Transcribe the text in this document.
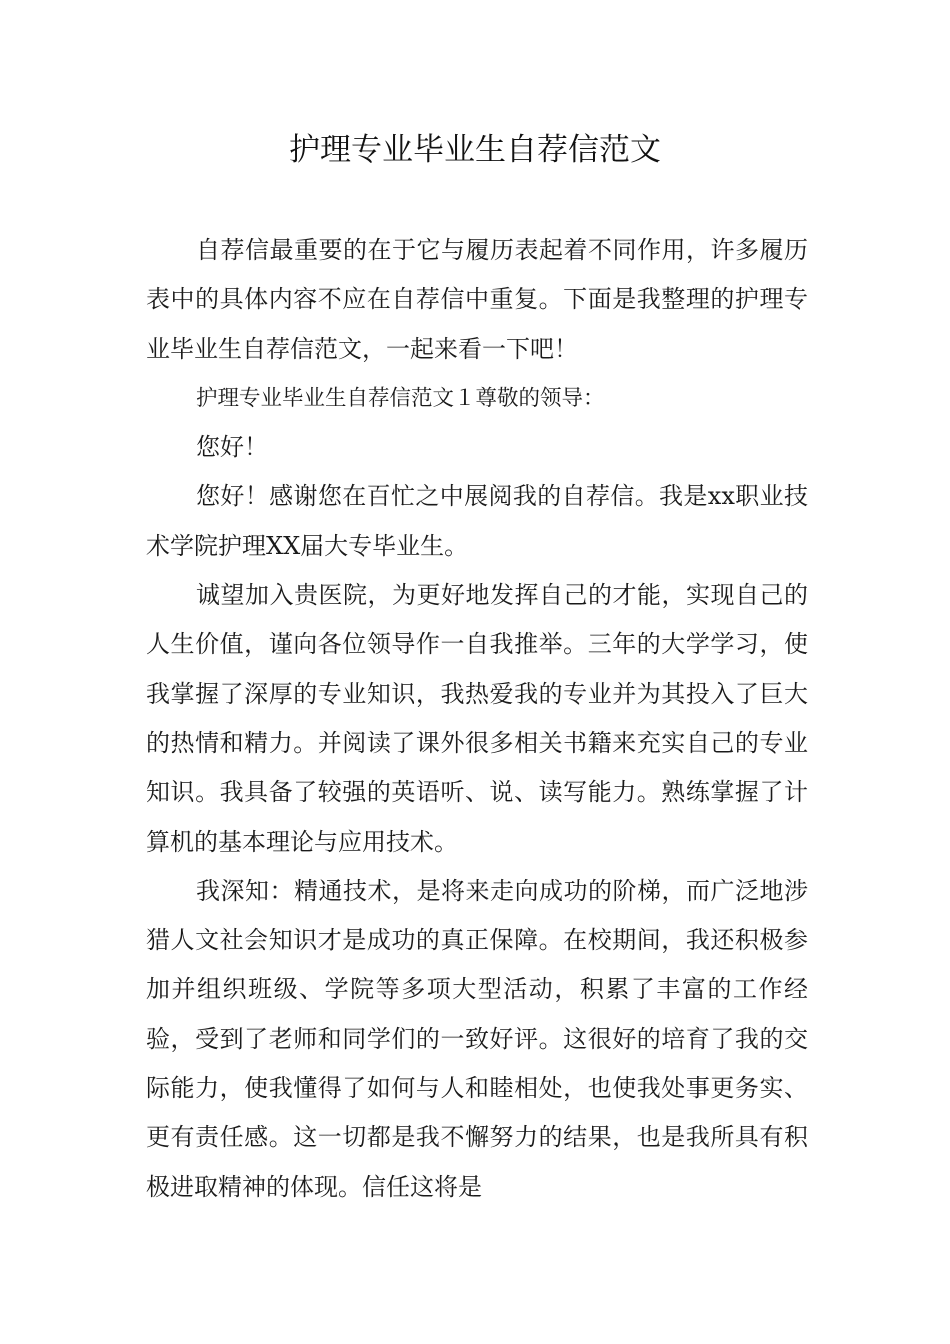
护理专业毕业生自荐信范文

自荐信最重要的在于它与履历表起着不同作用，许多履历表中的具体内容不应在自荐信中重复。下面是我整理的护理专业毕业生自荐信范文，一起来看一下吧！

护理专业毕业生自荐信范文１尊敬的领导：

您好！

您好！感谢您在百忙之中展阅我的自荐信。我是xx职业技术学院护理XX届大专毕业生。

诚望加入贵医院，为更好地发挥自己的才能，实现自己的人生价值，谨向各位领导作一自我推举。三年的大学学习，使我掌握了深厚的专业知识，我热爱我的专业并为其投入了巨大的热情和精力。并阅读了课外很多相关书籍来充实自己的专业知识。我具备了较强的英语听、说、读写能力。熟练掌握了计算机的基本理论与应用技术。

我深知：精通技术，是将来走向成功的阶梯，而广泛地涉猎人文社会知识才是成功的真正保障。在校期间，我还积极参加并组织班级、学院等多项大型活动，积累了丰富的工作经验，受到了老师和同学们的一致好评。这很好的培育了我的交际能力，使我懂得了如何与人和睦相处，也使我处事更务实、更有责任感。这一切都是我不懈努力的结果，也是我所具有积极进取精神的体现。信任这将是
